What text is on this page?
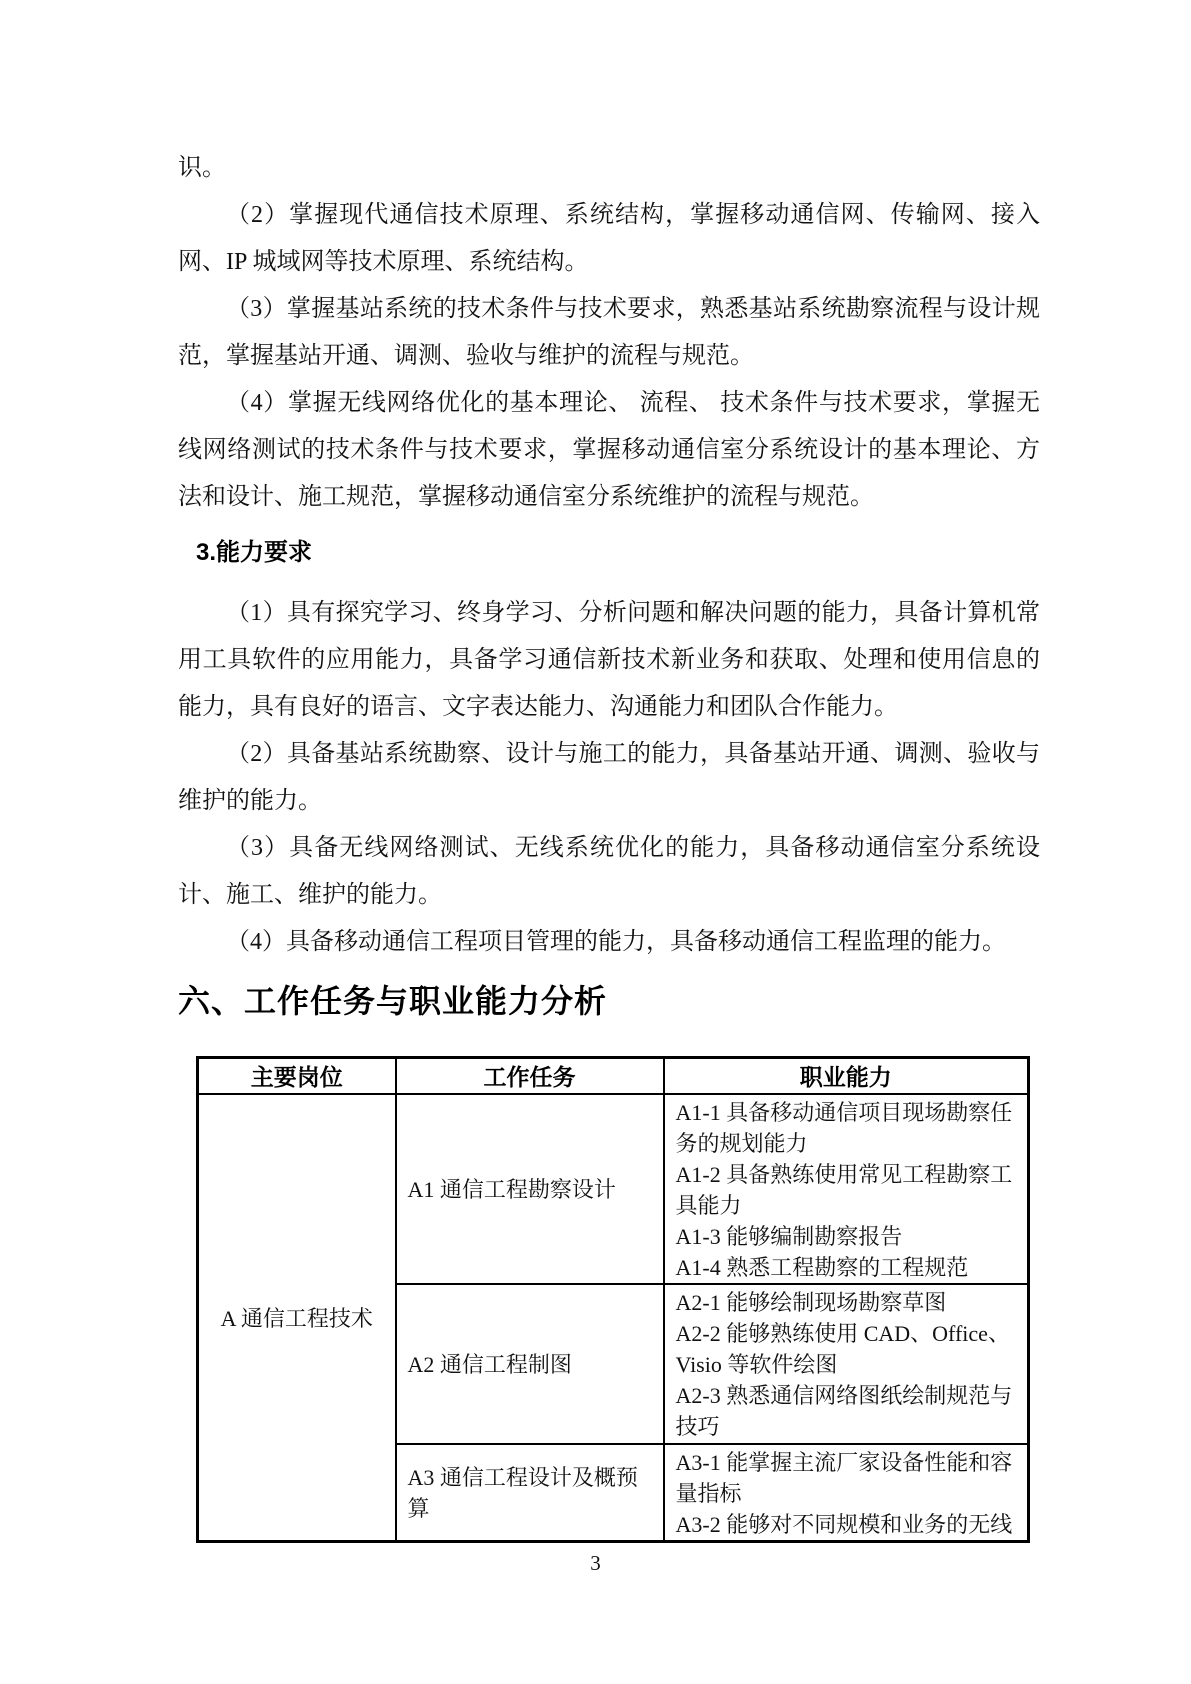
识。

（2）掌握现代通信技术原理、系统结构，掌握移动通信网、传输网、接入网、IP 城域网等技术原理、系统结构。

（3）掌握基站系统的技术条件与技术要求，熟悉基站系统勘察流程与设计规范，掌握基站开通、调测、验收与维护的流程与规范。

（4）掌握无线网络优化的基本理论、 流程、 技术条件与技术要求，掌握无线网络测试的技术条件与技术要求，掌握移动通信室分系统设计的基本理论、方法和设计、施工规范，掌握移动通信室分系统维护的流程与规范。

3.能力要求

（1）具有探究学习、终身学习、分析问题和解决问题的能力，具备计算机常用工具软件的应用能力，具备学习通信新技术新业务和获取、处理和使用信息的能力，具有良好的语言、文字表达能力、沟通能力和团队合作能力。

（2）具备基站系统勘察、设计与施工的能力，具备基站开通、调测、验收与维护的能力。

（3）具备无线网络测试、无线系统优化的能力，具备移动通信室分系统设计、施工、维护的能力。

（4）具备移动通信工程项目管理的能力，具备移动通信工程监理的能力。

六、工作任务与职业能力分析
主要岗位	工作任务	职业能力
A 通信工程技术	A1 通信工程勘察设计	A1-1 具备移动通信项目现场勘察任务的规划能力

A1-2 具备熟练使用常见工程勘察工具能力

A1-3 能够编制勘察报告

A1-4 熟悉工程勘察的工程规范

	A2 通信工程制图	A2-1 能够绘制现场勘察草图

A2-2 能够熟练使用 CAD、Office、Visio 等软件绘图

A2-3 熟悉通信网络图纸绘制规范与技巧

	A3 通信工程设计及概预算	A3-1 能掌握主流厂家设备性能和容量指标

A3-2 能够对不同规模和业务的无线

3
